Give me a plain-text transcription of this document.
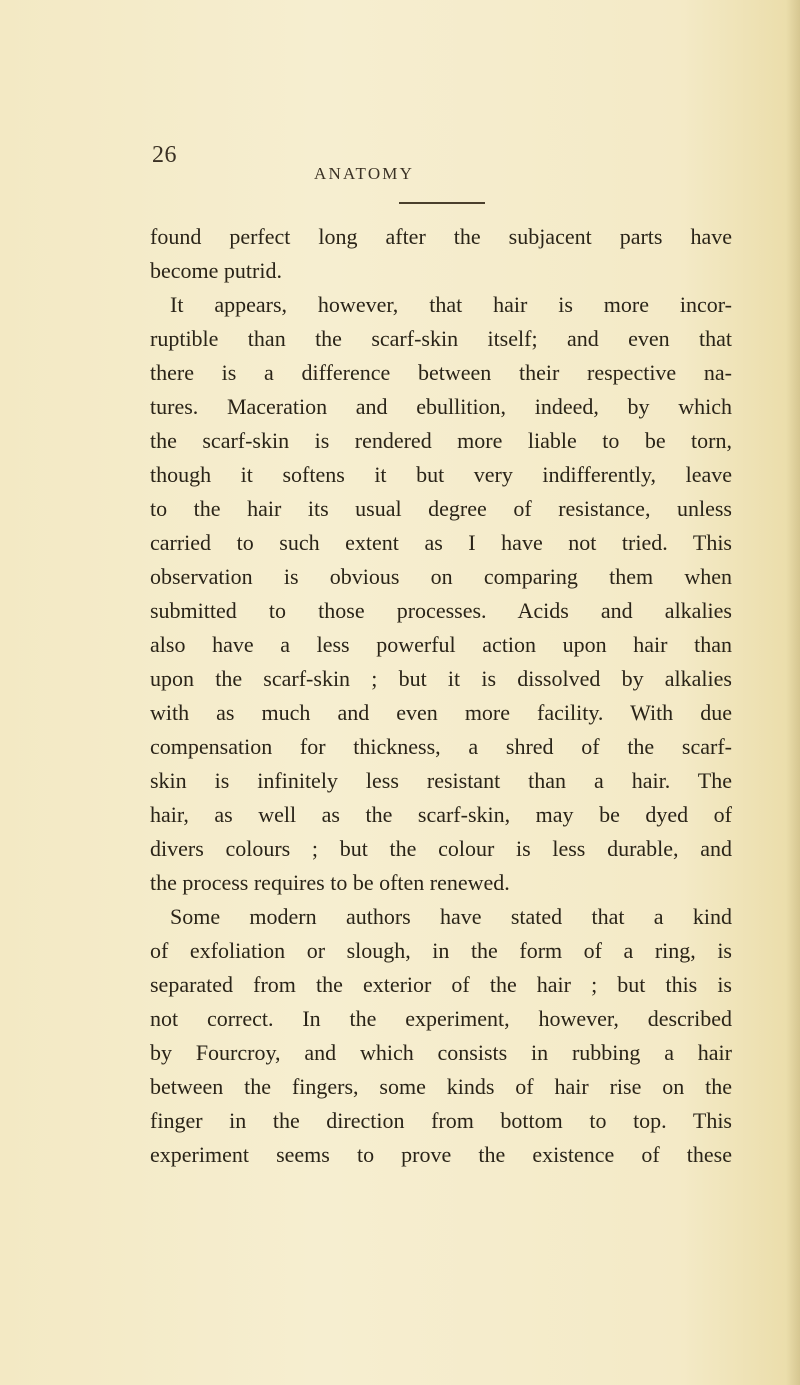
26
ANATOMY
found perfect long after the subjacent parts have
become putrid.
It appears, however, that hair is more incor-
ruptible than the scarf-skin itself; and even that
there is a difference between their respective na-
tures. Maceration and ebullition, indeed, by which
the scarf-skin is rendered more liable to be torn,
though it softens it but very indifferently, leave
to the hair its usual degree of resistance, unless
carried to such extent as I have not tried. This
observation is obvious on comparing them when
submitted to those processes. Acids and alkalies
also have a less powerful action upon hair than
upon the scarf-skin ; but it is dissolved by alkalies
with as much and even more facility. With due
compensation for thickness, a shred of the scarf-
skin is infinitely less resistant than a hair. The
hair, as well as the scarf-skin, may be dyed of
divers colours ; but the colour is less durable, and
the process requires to be often renewed.
Some modern authors have stated that a kind
of exfoliation or slough, in the form of a ring, is
separated from the exterior of the hair ; but this is
not correct. In the experiment, however, described
by Fourcroy, and which consists in rubbing a hair
between the fingers, some kinds of hair rise on the
finger in the direction from bottom to top. This
experiment seems to prove the existence of these
